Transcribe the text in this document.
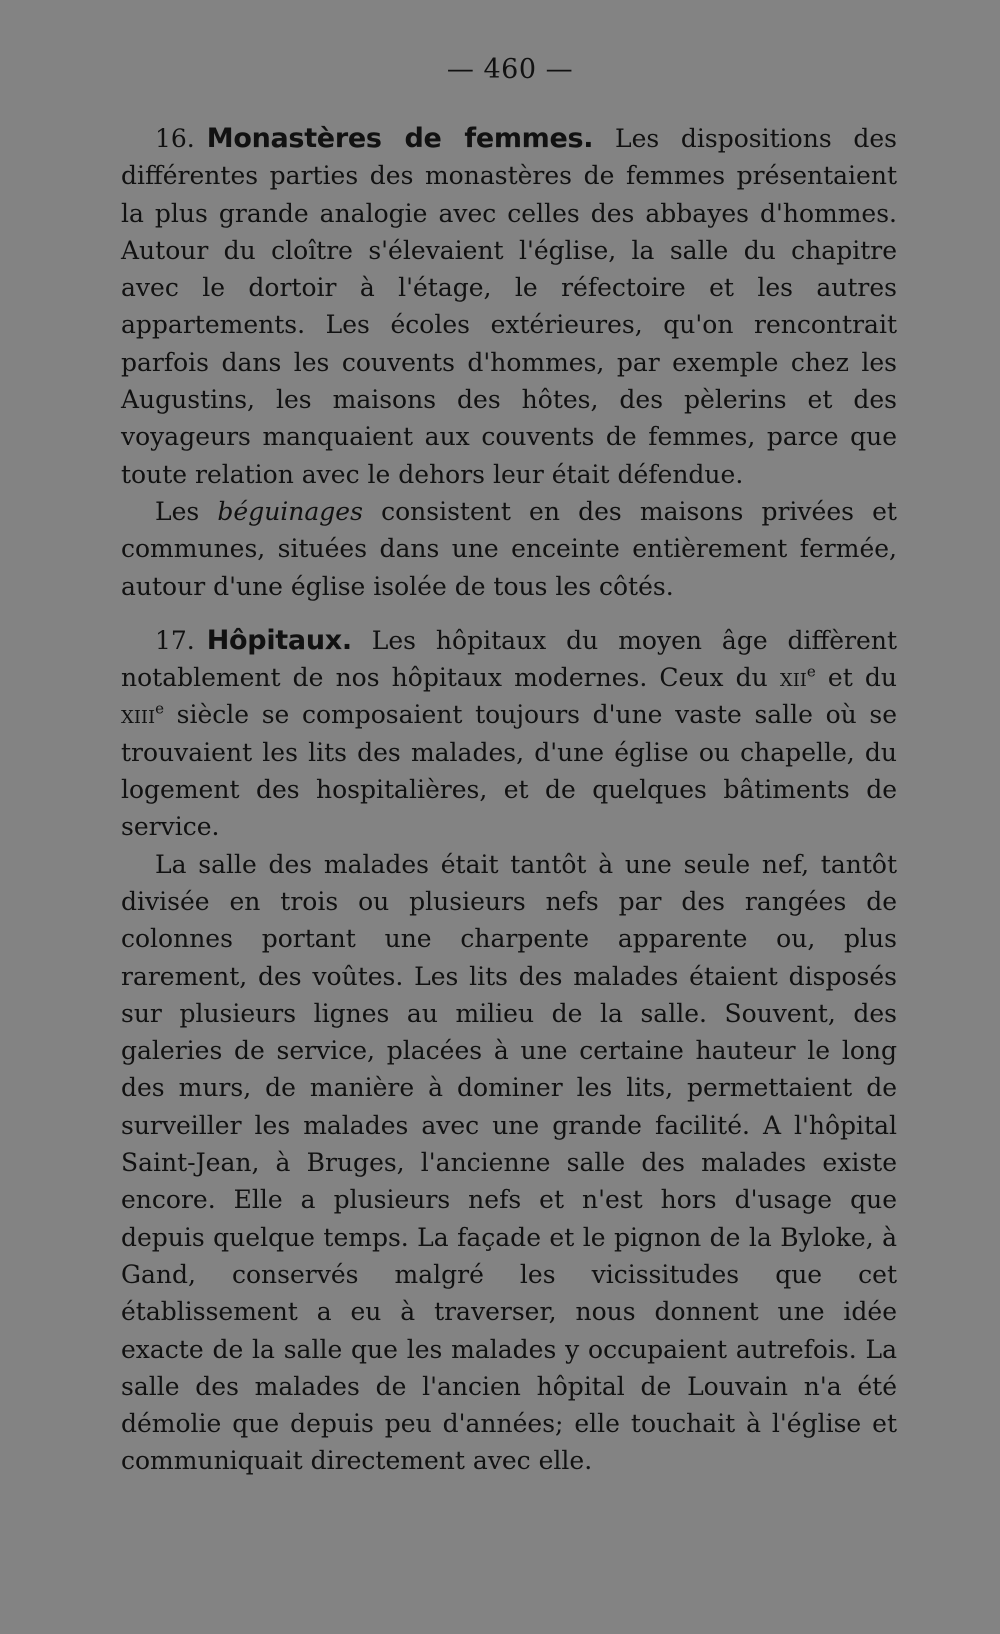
— 460 —

16. Monastères de femmes. Les dispositions des différentes parties des monastères de femmes présentaient la plus grande analogie avec celles des abbayes d'hommes. Autour du cloître s'élevaient l'église, la salle du chapitre avec le dortoir à l'étage, le réfectoire et les autres appartements. Les écoles extérieures, qu'on rencontrait parfois dans les couvents d'hommes, par exemple chez les Augustins, les maisons des hôtes, des pèlerins et des voyageurs manquaient aux couvents de femmes, parce que toute relation avec le dehors leur était défendue.

Les béguinages consistent en des maisons privées et communes, situées dans une enceinte entièrement fermée, autour d'une église isolée de tous les côtés.

17. Hôpitaux. Les hôpitaux du moyen âge diffèrent notablement de nos hôpitaux modernes. Ceux du xii$^e$ et du xiii$^e$ siècle se composaient toujours d'une vaste salle où se trouvaient les lits des malades, d'une église ou chapelle, du logement des hospitalières, et de quelques bâtiments de service.

La salle des malades était tantôt à une seule nef, tantôt divisée en trois ou plusieurs nefs par des rangées de colonnes portant une charpente apparente ou, plus rarement, des voûtes. Les lits des malades étaient disposés sur plusieurs lignes au milieu de la salle. Souvent, des galeries de service, placées à une certaine hauteur le long des murs, de manière à dominer les lits, permettaient de surveiller les malades avec une grande facilité. A l'hôpital Saint-Jean, à Bruges, l'ancienne salle des malades existe encore. Elle a plusieurs nefs et n'est hors d'usage que depuis quelque temps. La façade et le pignon de la Byloke, à Gand, conservés malgré les vicissitudes que cet établissement a eu à traverser, nous donnent une idée exacte de la salle que les malades y occupaient autrefois. La salle des malades de l'ancien hôpital de Louvain n'a été démolie que depuis peu d'années; elle touchait à l'église et communiquait directement avec elle.
